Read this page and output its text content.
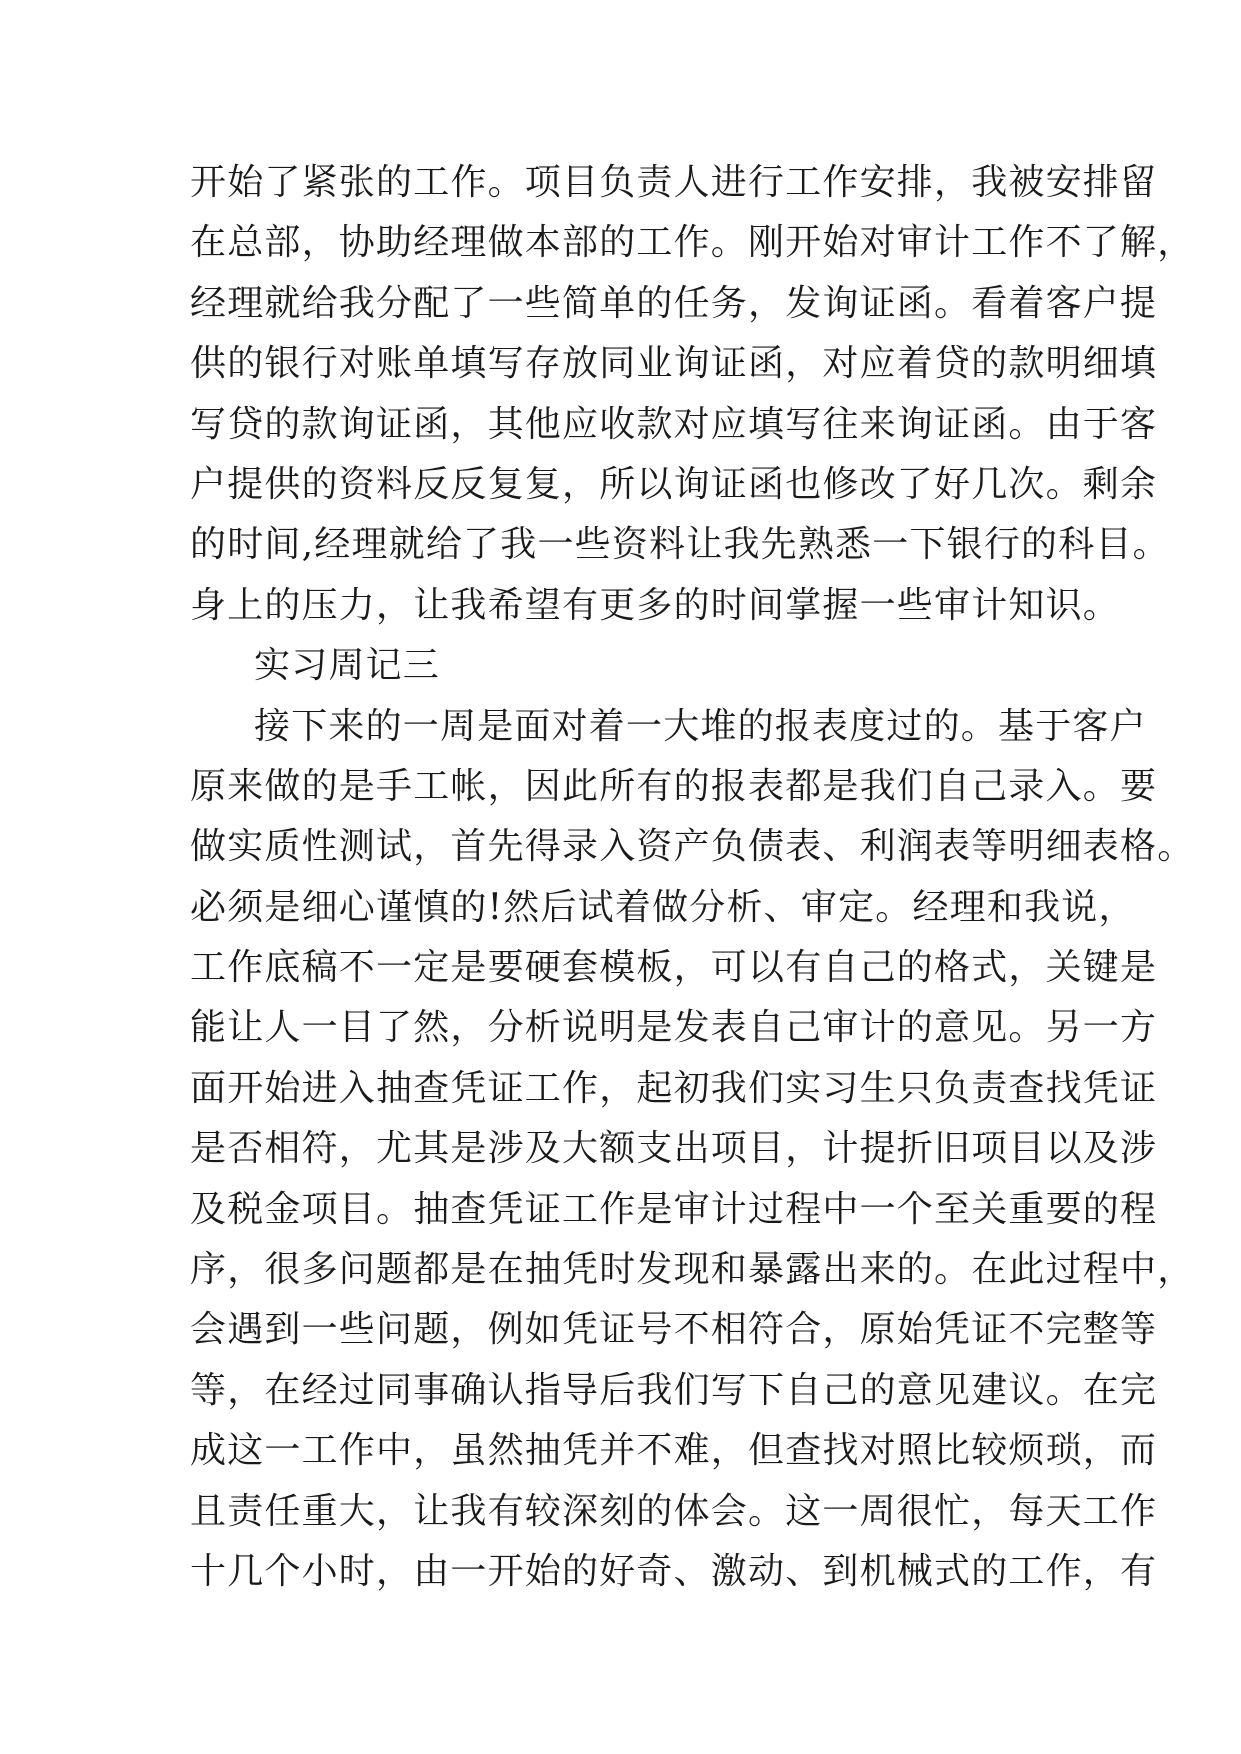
开始了紧张的工作。项目负责人进行工作安排，我被安排留
在总部，协助经理做本部的工作。刚开始对审计工作不了解，
经理就给我分配了一些简单的任务，发询证函。看着客户提
供的银行对账单填写存放同业询证函，对应着贷的款明细填
写贷的款询证函，其他应收款对应填写往来询证函。由于客
户提供的资料反反复复，所以询证函也修改了好几次。剩余
的时间,经理就给了我一些资料让我先熟悉一下银行的科目。
身上的压力，让我希望有更多的时间掌握一些审计知识。
实习周记三
接下来的一周是面对着一大堆的报表度过的。基于客户
原来做的是手工帐，因此所有的报表都是我们自己录入。要
做实质性测试，首先得录入资产负债表、利润表等明细表格。
必须是细心谨慎的!然后试着做分析、审定。经理和我说，
工作底稿不一定是要硬套模板，可以有自己的格式，关键是
能让人一目了然，分析说明是发表自己审计的意见。另一方
面开始进入抽查凭证工作，起初我们实习生只负责查找凭证
是否相符，尤其是涉及大额支出项目，计提折旧项目以及涉
及税金项目。抽查凭证工作是审计过程中一个至关重要的程
序，很多问题都是在抽凭时发现和暴露出来的。在此过程中，
会遇到一些问题，例如凭证号不相符合，原始凭证不完整等
等，在经过同事确认指导后我们写下自己的意见建议。在完
成这一工作中，虽然抽凭并不难，但查找对照比较烦琐，而
且责任重大，让我有较深刻的体会。这一周很忙，每天工作
十几个小时，由一开始的好奇、激动、到机械式的工作，有
